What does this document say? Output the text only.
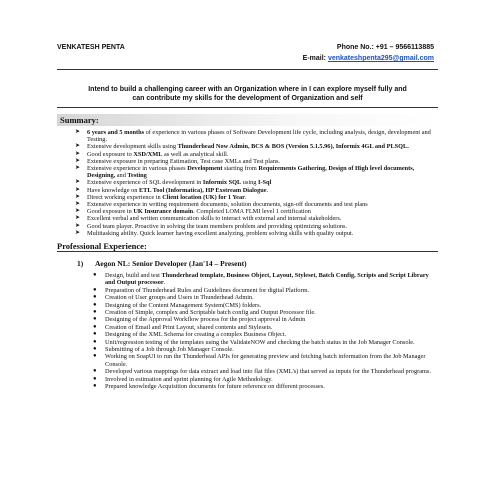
VENKATESH PENTA	Phone No.: +91 – 9566113885
E-mail: venkateshpenta295@gmail.com
Intend to build a challenging career with an Organization where in I can explore myself fully and
can contribute my skills for the development of Organization and self
Summary:
➤ 6 years and 5 months of experience in various phases of Software Development life cycle, including analysis, design, development and Testing.
➤ Extensive development skills using Thunderhead Now Admin, BCS & BOS (Version 5.1.5.96), Informix 4GL and PLSQL.
➤ Good exposure to XSD/XML as well as analytical skill.
➤ Extensive exposure in preparing Estimation, Test case XMLs and Test plans.
➤ Extensive experience in various phases Development starting from Requirements Gathering, Design of High level documents, Designing, and Testing
➤ Extensive experience of SQL development in Informix SQL using I-Sql
➤ Have knowledge on ETL Tool (Informatica), HP Exstream Dialogue.
➤ Direct working experience in Client location (UK) for 1 Year.
➤ Extensive experience in writing requirement documents, solution documents, sign-off documents and test plans
➤ Good exposure in UK Insurance domain. Completed LOMA FLMI level 1 certification
➤ Excellent verbal and written communication skills to interact with external and internal stakeholders.
➤ Good team player. Proactive in solving the team members problem and providing optimizing solutions.
➤ Multitasking ability. Quick learner having excellent analyzing, problem solving skills with quality output.
Professional Experience:
1) Aegon NL: Senior Developer (Jan'14 – Present)
● Design, build and test Thunderhead template, Business Object, Layout, Styleset, Batch Config, Scripts and Script Library and Output processor.
● Preparation of Thunderhead Rules and Guidelines document for digital Platform.
● Creation of User groups and Users in Thunderhead Admin.
● Designing of the Content Management System(CMS) folders.
● Creation of Simple, complex and Scriptable batch config and Output Processor file.
● Designing of the Approval Workflow process for the project approval in Admin
● Creation of Email and Print Layout, shared contents and Stylesets.
● Designing of the XML Schema for creating a complex Business Object.
● Unit/regression testing of the templates using the ValidateNOW and checking the batch status in the Job Manager Console.
● Submitting of a Job through Job Manager Console.
● Working on SoapUI to run the Thunderhead APIs for generating preview and fetching batch information from the Job Manager Console.
● Developed various mappings for data extract and load into flat files (XML's) that served as inputs for the Thunderhead programs.
● Involved in estimation and sprint planning for Agile Methodology.
● Prepared knowledge Acquisition documents for future reference on different processes.
